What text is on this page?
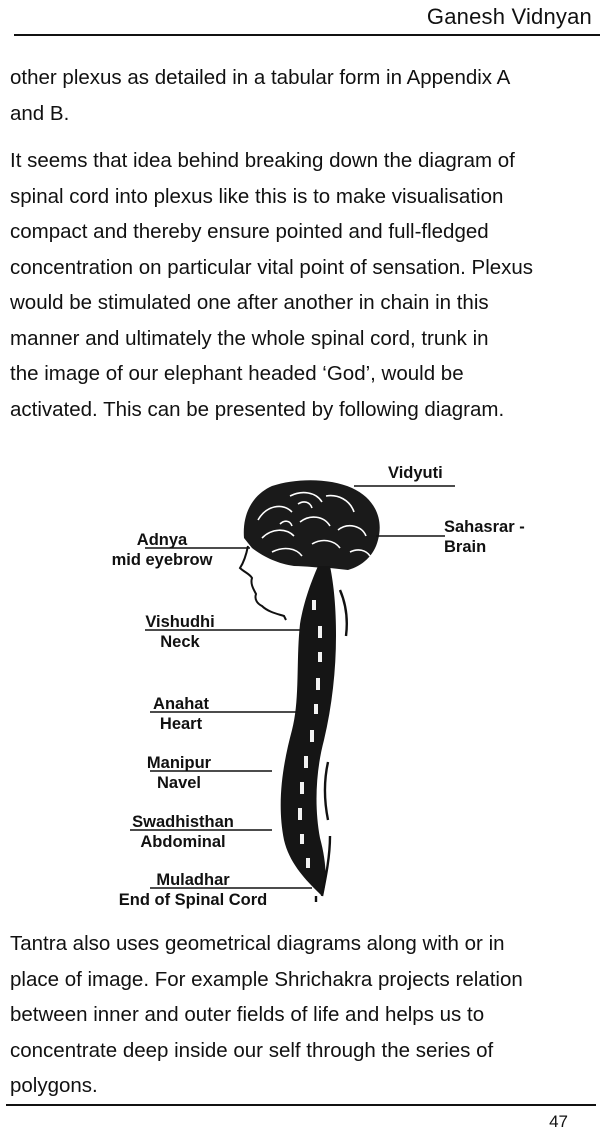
Ganesh Vidnyan
other plexus as detailed in a tabular form in Appendix A
and B.
It seems that idea behind breaking down the diagram of
spinal cord into plexus like this is to make visualisation
compact and thereby ensure pointed and full-fledged
concentration on particular vital point of sensation. Plexus
would be stimulated one after another in chain in this
manner and ultimately the whole spinal cord, trunk in
the image of our elephant headed ‘God’, would be
activated. This can be presented by following diagram.
Vidyuti
Sahasrar -
Brain
Adnya
mid eyebrow
Vishudhi
Neck
Anahat
Heart
Manipur
Navel
Swadhisthan
Abdominal
Muladhar
End of Spinal Cord
Tantra also uses geometrical diagrams along with or in
place of image. For example Shrichakra projects relation
between inner and outer fields of life and helps us to
concentrate deep inside our self through the series of
polygons.
47
